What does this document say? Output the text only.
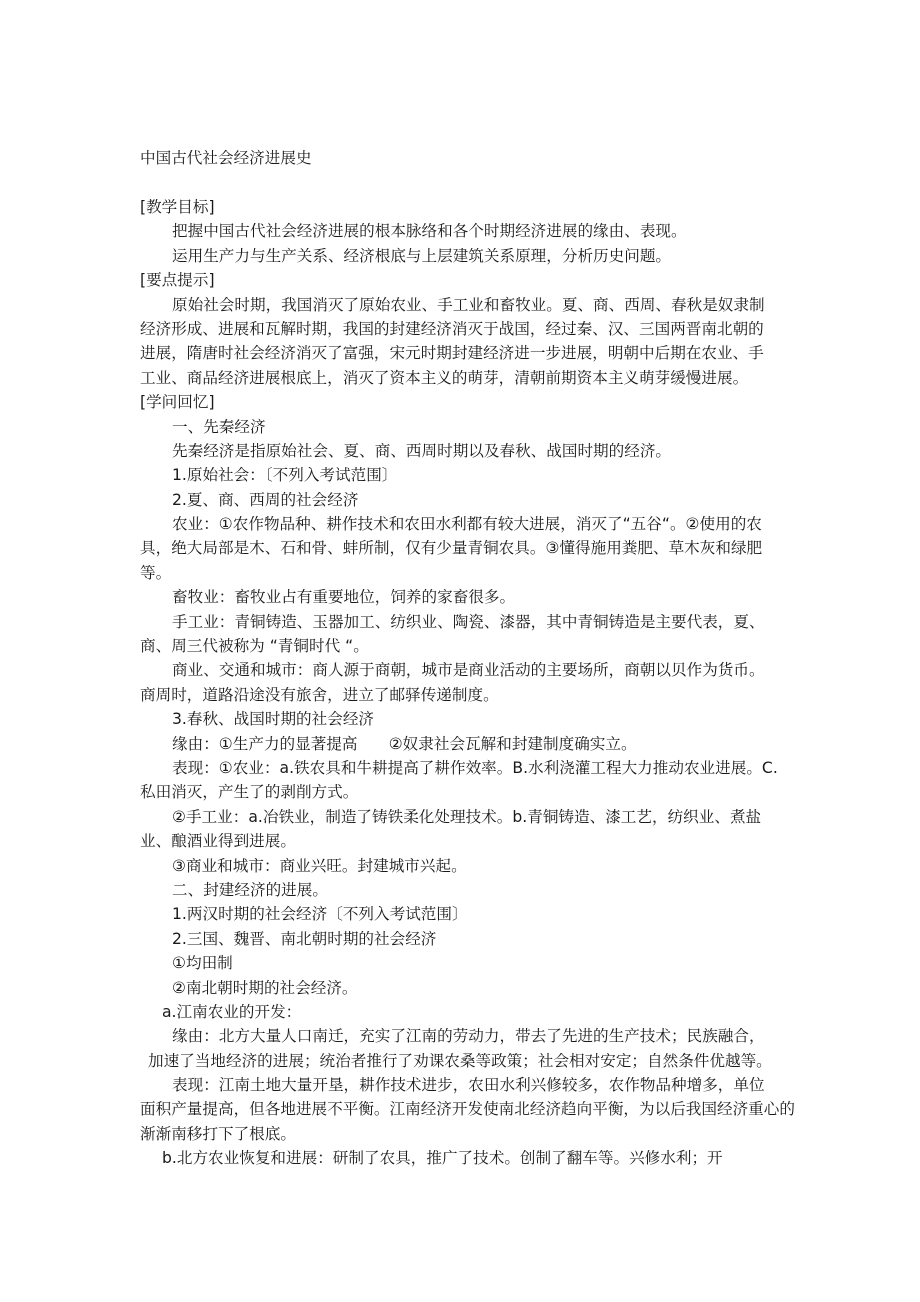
中国古代社会经济进展史
[教学目标]
把握中国古代社会经济进展的根本脉络和各个时期经济进展的缘由、表现。
运用生产力与生产关系、经济根底与上层建筑关系原理，分析历史问题。
[要点提示]
原始社会时期，我国消灭了原始农业、手工业和畜牧业。夏、商、西周、春秋是奴隶制
经济形成、进展和瓦解时期，我国的封建经济消灭于战国，经过秦、汉、三国两晋南北朝的
进展，隋唐时社会经济消灭了富强，宋元时期封建经济进一步进展，明朝中后期在农业、手
工业、商品经济进展根底上，消灭了资本主义的萌芽，清朝前期资本主义萌芽缓慢进展。
[学问回忆]
一、先秦经济
先秦经济是指原始社会、夏、商、西周时期以及春秋、战国时期的经济。
1.原始社会：〔不列入考试范围〕
2.夏、商、西周的社会经济
农业：①农作物品种、耕作技术和农田水利都有较大进展，消灭了“五谷“。②使用的农
具，绝大局部是木、石和骨、蚌所制，仅有少量青铜农具。③懂得施用粪肥、草木灰和绿肥
等。
畜牧业：畜牧业占有重要地位，饲养的家畜很多。
手工业：青铜铸造、玉器加工、纺织业、陶瓷、漆器，其中青铜铸造是主要代表，夏、
商、周三代被称为 “青铜时代 “。
商业、交通和城市：商人源于商朝，城市是商业活动的主要场所，商朝以贝作为货币。
商周时，道路沿途没有旅舍，进立了邮驿传递制度。
3.春秋、战国时期的社会经济
缘由：①生产力的显著提高　　②奴隶社会瓦解和封建制度确实立。
表现：①农业：a.铁农具和牛耕提高了耕作效率。B.水利浇灌工程大力推动农业进展。C.
私田消灭，产生了的剥削方式。
②手工业：a.冶铁业，制造了铸铁柔化处理技术。b.青铜铸造、漆工艺，纺织业、煮盐
业、酿酒业得到进展。
③商业和城市：商业兴旺。封建城市兴起。
二、封建经济的进展。
1.两汉时期的社会经济〔不列入考试范围〕
2.三国、魏晋、南北朝时期的社会经济
①均田制
②南北朝时期的社会经济。
a.江南农业的开发：
缘由：北方大量人口南迁，充实了江南的劳动力，带去了先进的生产技术；民族融合，
加速了当地经济的进展；统治者推行了劝课农桑等政策；社会相对安定；自然条件优越等。
表现：江南土地大量开垦，耕作技术进步，农田水利兴修较多，农作物品种增多，单位
面积产量提高，但各地进展不平衡。江南经济开发使南北经济趋向平衡，为以后我国经济重心的
渐渐南移打下了根底。
b.北方农业恢复和进展：研制了农具，推广了技术。创制了翻车等。兴修水利；开
